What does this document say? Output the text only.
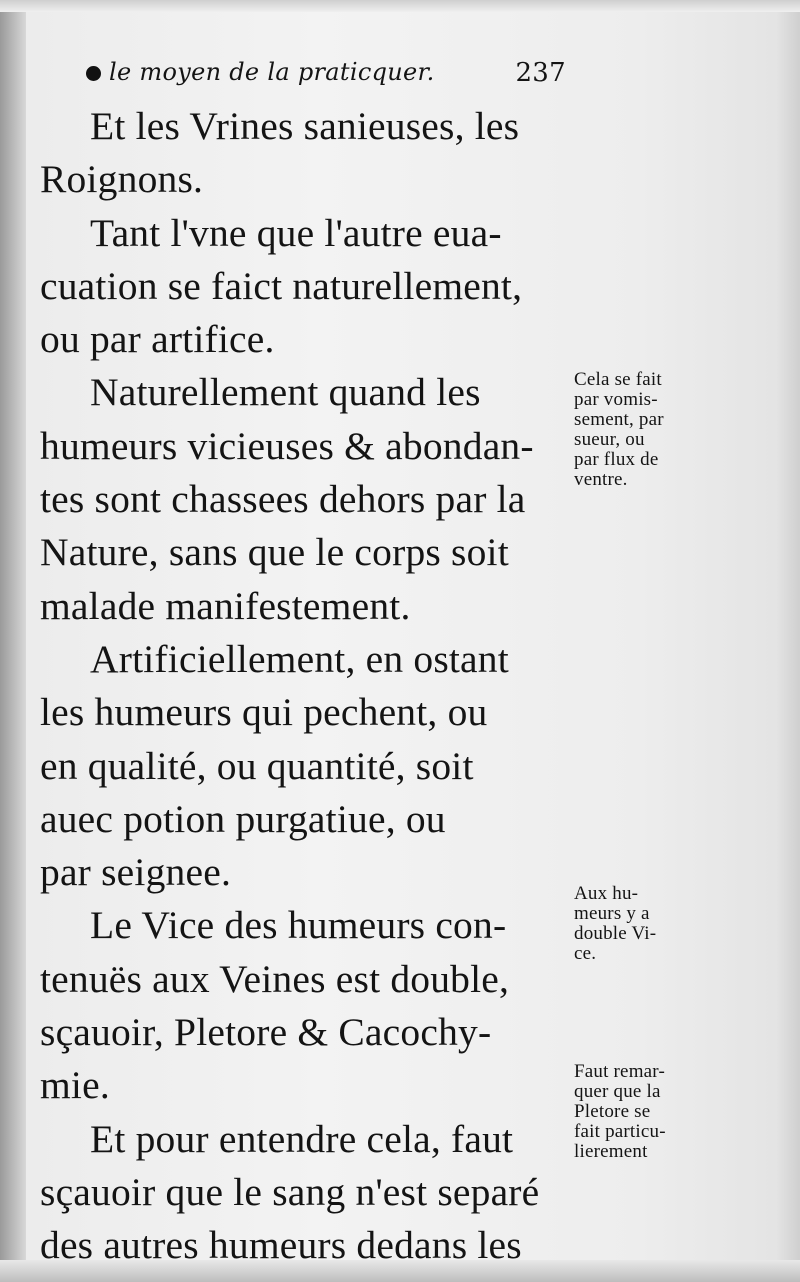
le moyen de la praticquer.	237
Et les Vrines sanieuses, les
Roignons.
Tant l'vne que l'autre eua-
cuation se faict naturellement,
ou par artifice.
Naturellement quand les
humeurs vicieuses & abondan-
tes sont chassees dehors par la
Nature, sans que le corps soit
malade manifestement.
Artificiellement, en ostant
les humeurs qui pechent, ou
en qualité, ou quantité, soit
auec potion purgatiue, ou
par seignee.
Le Vice des humeurs con-
tenuës aux Veines est double,
sçauoir, Pletore & Cacochy-
mie.
Et pour entendre cela, faut
sçauoir que le sang n'est separé
des autres humeurs dedans les
Cela se fait
par vomis-
sement, par
sueur, ou
par flux de
ventre.
Aux hu-
meurs y a
double Vi-
ce.
Faut remar-
quer que la
Pletore se
fait particu-
lierement
